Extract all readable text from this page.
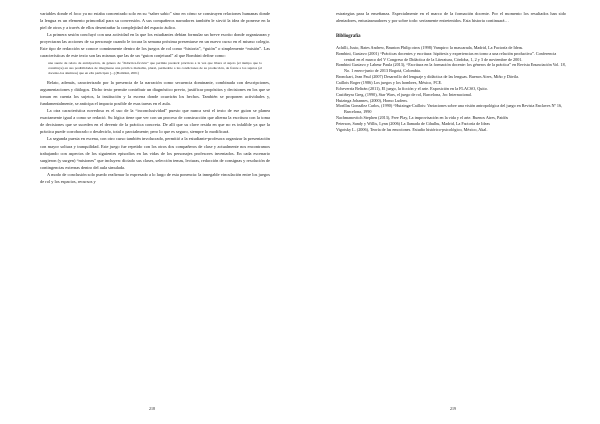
variables donde el foco ya no estaba concentrado solo en su “saber sabio” sino en cómo se construyen relaciones humanas donde la lengua es un elemento primordial para su conversión. A sus compañeros narradores también le sirvió la idea de ponerse en la piel de otros y a través de ellos desentrañar la complejidad del espacio áulico.

La primera sesión concluyó con una actividad en la que los estudiantes debían formular un breve escrito donde organizaran y proyectaran las acciones de su personaje cuando le tocara la semana próxima presentarse en un nuevo curso en el mismo colegio. Este tipo de redacción se conoce comúnmente dentro de los juegos de rol como “historia”, “guión” o simplemente “misión”. Las características de este texto son las mismas que las de un “guion conjetural” al que Bombini define como:

una suerte de relato de anticipación, de género de “didáctica-ficción” que permite predecir prácticas a la vez que libera al sujeto (el tiempo que lo constituye) en sus posibilidades de imaginarse una práctica malsable, plural, permeable a las condiciones de su producción, de frente a los sujetos (el docente-los alumnos) que en ella participan [...] (Bombini, 2001)

Relato, además, caracterizado por la presencia de la narración como secuencia dominante, combinada con descripciones, argumentaciones y diálogos. Dicho texto permite contribuir un diagnóstico previo, justificar propósitos y decisiones en los que se toman en cuenta los sujetos, la institución y la escena donde ocurrirán los hechos. También se proponen actividades y, fundamentalmente, se anticipa el impacto posible de esas tareas en el aula.

La otra característica novedosa es el uso de la “inconclusividad” puesto que nunca será el texto de ese guion se planea exactamente igual a como se redactó. Su lógica tiene que ver con un proceso de construcción que alterna la escritura con la toma de decisiones que se suceden en el devenir de la práctica concreta. De allí que su clave resida en que no es infalible ya que la práctica puede corroborarlo o desdecirlo, total o parcialmente; pero lo que es seguro, siempre lo modificará.

La segunda puesta en escena, con otro curso también involucrado, permitió a la estudiante-profesora organizar la presentación con mayor soltura y tranquilidad. Este juego fue repetido con los otros dos compañeros de clase y actualmente nos encontramos trabajando con aspectos de los siguientes episodios en las vidas de los personajes profesores inventados. En cada escenario surgieron (y surgen) “misiones” que incluyen: dictado sus clases, selección temas, lecturas, redacción de consignas y resolución de contingencias externas dentro del aula simulada.

A modo de conclusión solo puedo reafirmar lo expresado a lo largo de esta ponencia: la innegable vinculación entre los juegos de rol y los espacios, recursos y

218

estrategias para la enseñanza. Especialmente en el marco de la formación docente. Por el momento los resultados han sido alentadores, entusiasmadores y por sobre todo: seriamente entretenidos. Esta historia continuará…

Bibliografía

Achilli, Justo, Bates Andrew, Brunton Philip otros (1998) Vampiro: la mascarada, Madrid, La Factoría de Ideas.

Bombini, Gustavo (2001) “Prácticas docentes y escritura: hipótesis y experiencias en torno a una relación productiva”. Conferencia central en el marco del V Congreso de Didáctica de la Literatura, Córdoba, 1, 2 y 3 de noviembre de 2001.

Bombini Gustavo y Labeur Paula (2013), “Escritura en la formación docente: los géneros de la práctica” en Revista Enunciación Vol. 18, No. 1 enero-junio de 2013 Bogotá, Colombia.

Bronckart, Jean Paul (2007) Desarrollo del lenguaje y didáctica de las lenguas. Buenos Aires, Miño y Dávila.

Caillois Roger (1986) Los juegos y los hombres, México, FCE.

Echeverría Beltrán (2011), El juego, la ficción y el arte. Exposición en la FLACSO, Quito.

Castiñeyra Greg, (1990), Star Wars, el juego de rol, Barcelona, Joc Internacional.

Huizinga Johannes, (2000), Homo Ludens.

Morillas González Carlos, (1990) “Huizinga-Caillois: Variaciones sobre una visión antropológica del juego en Revista Enclaves Nº 16, Barcelona, 1990

Nachmanovitch Stephen (2013), Free Play, La improvisación en la vida y el arte. Buenos Aires, Paidós

Peterson, Sandy y Willis, Lynn (2006) La llamada de Cthulhu, Madrid, La Factoría de Ideas

Vigotsky L. (2006), Teoría de las emociones. Estudio histórico-psicológico, México, Akal.

219
